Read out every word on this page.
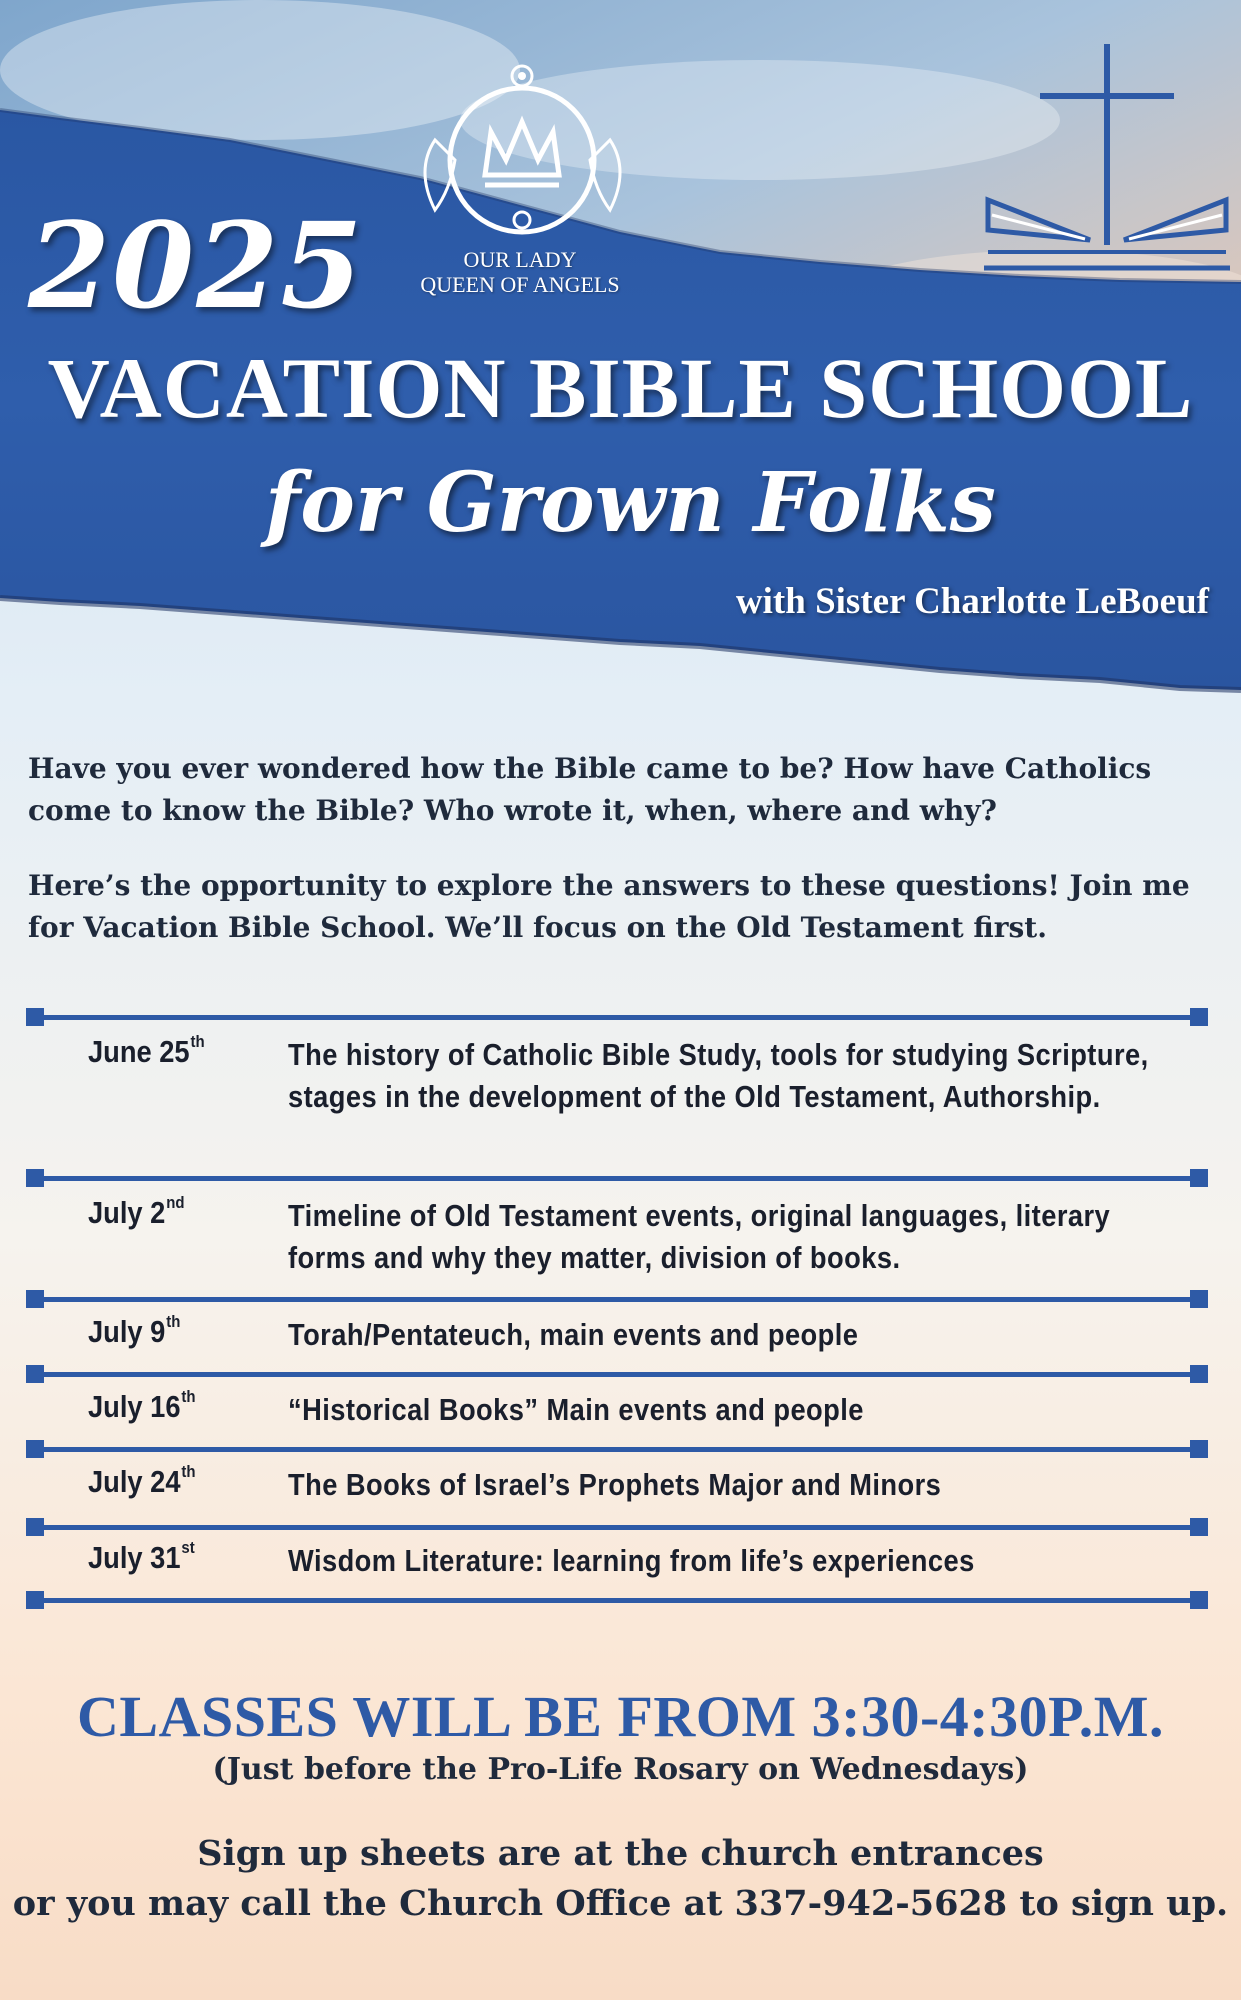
2025	OUR LADY
QUEEN OF ANGELS
VACATION BIBLE SCHOOL
for Grown Folks
with Sister Charlotte LeBoeuf
Have you ever wondered how the Bible came to be? How have Catholics come to know the Bible? Who wrote it, when, where and why?
Here’s the opportunity to explore the answers to these questions! Join me for Vacation Bible School. We’ll focus on the Old Testament first.
June 25th	The history of Catholic Bible Study, tools for studying Scripture, stages in the development of the Old Testament, Authorship.
July 2nd	Timeline of Old Testament events, original languages, literary forms and why they matter, division of books.
July 9th	Torah/Pentateuch, main events and people
July 16th	“Historical Books” Main events and people
July 24th	The Books of Israel’s Prophets Major and Minors
July 31st	Wisdom Literature: learning from life’s experiences
CLASSES WILL BE FROM 3:30-4:30P.M.
(Just before the Pro-Life Rosary on Wednesdays)
Sign up sheets are at the church entrances
or you may call the Church Office at 337-942-5628 to sign up.
